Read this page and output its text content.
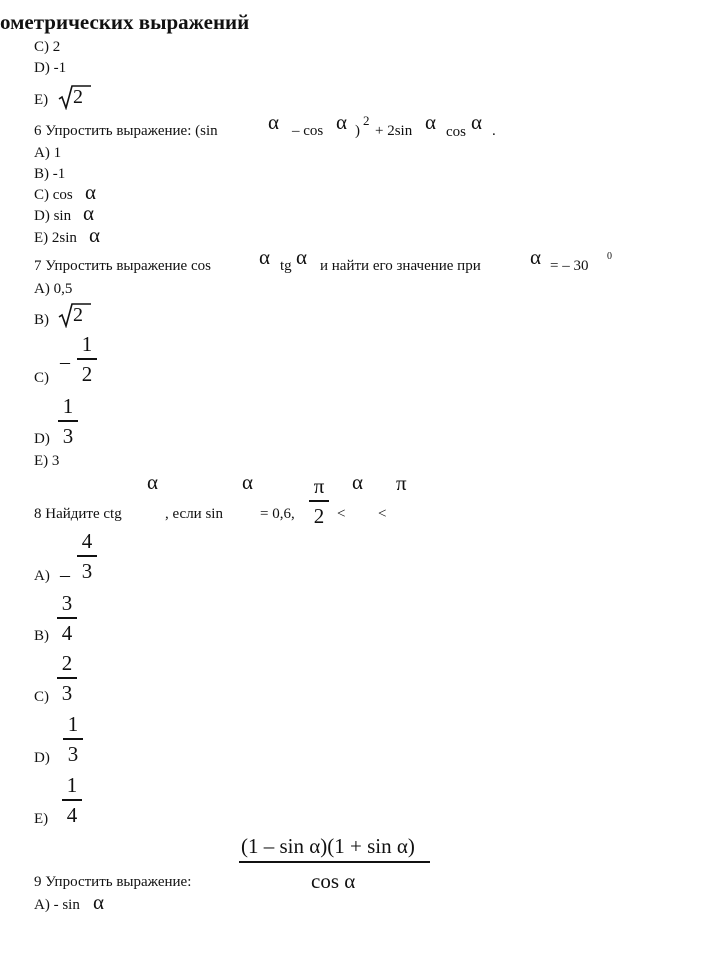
ометрических выражений
C) 2
D) -1
E) 2
6 Упростить выражение: (sin α – cos α )
2
+ 2sin α cos α .
A) 1
B) -1
C) cos α
D) sin α
E) 2sin α
7 Упростить выражение cos α tg α и найти его значение при α = – 30
0
A) 0,5
B) 2
C)
–
1
2
D)
1
3
E) 3
α	α	π
2
α π
8 Найдите ctg	, если sin = 0,6,	< <
A) –
4
3
B)
3
4
C)
2
3
D)
1
3
E)
1
4
(1 – sin α)(1 + sin α)
9 Упростить выражение:	cos α
A) - sin α
